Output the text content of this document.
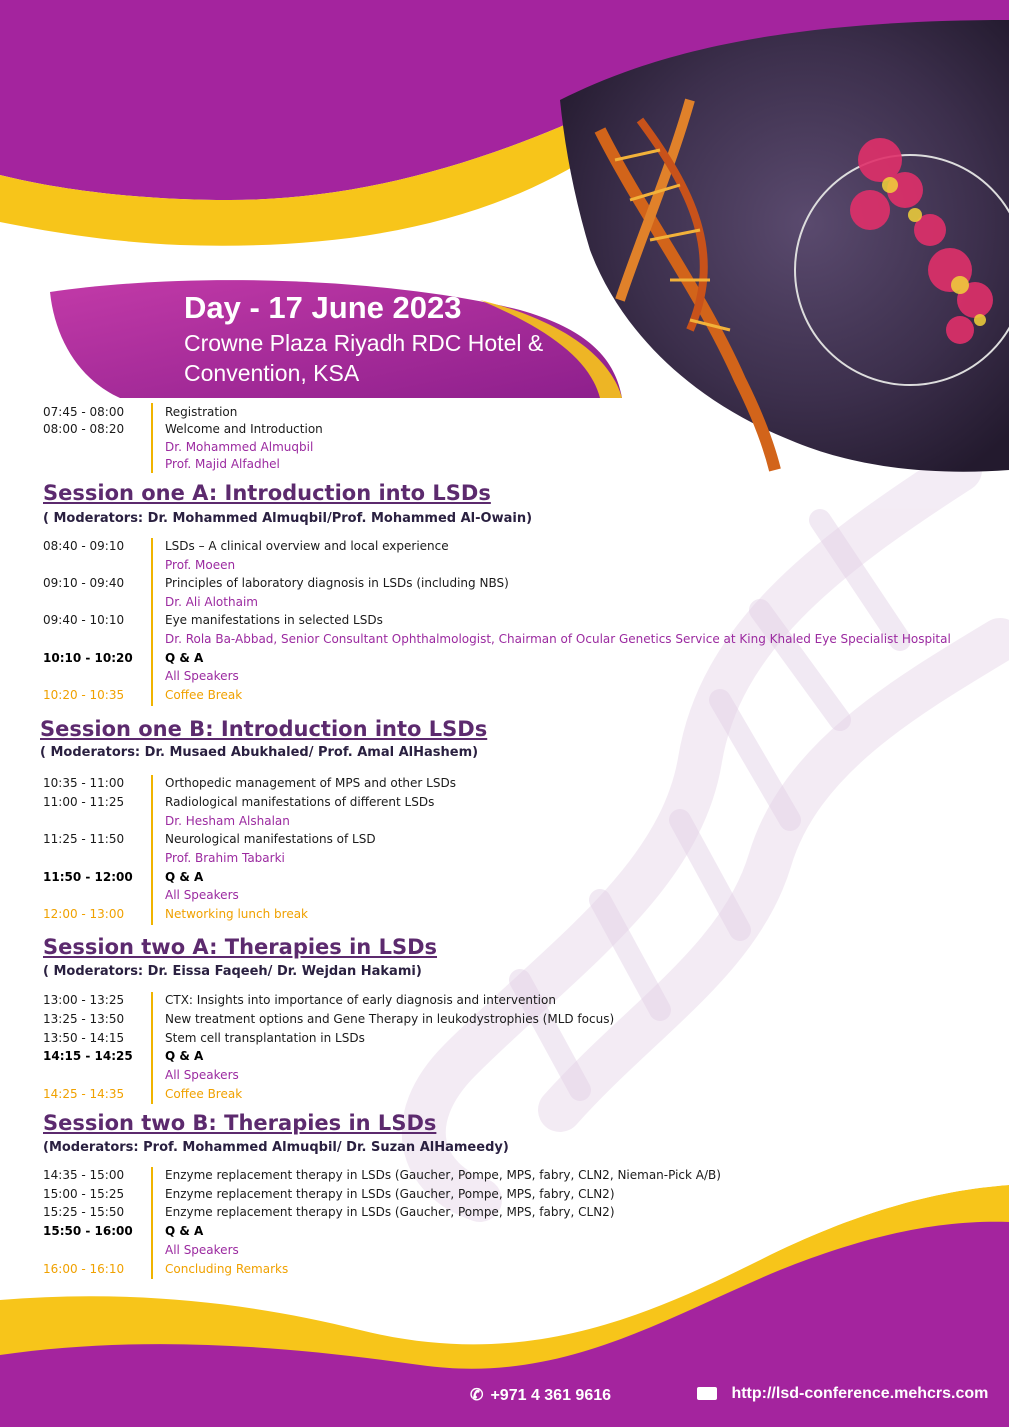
Day - 17 June 2023
Crowne Plaza Riyadh RDC Hotel &
Convention, KSA
07:45 - 08:00	Registration
08:00 - 08:20	Welcome and Introduction
Dr. Mohammed Almuqbil
Prof. Majid Alfadhel
Session one A: Introduction into LSDs
( Moderators: Dr. Mohammed Almuqbil/Prof. Mohammed Al-Owain)
08:40 - 09:10	LSDs – A clinical overview and local experience
Prof. Moeen
09:10 - 09:40	Principles of laboratory diagnosis in LSDs (including NBS)
Dr. Ali Alothaim
09:40 - 10:10	Eye manifestations in selected LSDs
Dr. Rola Ba-Abbad, Senior Consultant Ophthalmologist, Chairman of Ocular Genetics Service at King Khaled Eye Specialist Hospital
10:10 - 10:20	Q & A
All Speakers
10:20 - 10:35	Coffee Break
Session one B: Introduction into LSDs
( Moderators: Dr. Musaed Abukhaled/ Prof. Amal AlHashem)
10:35 - 11:00	Orthopedic management of MPS and other LSDs
11:00 - 11:25	Radiological manifestations of different LSDs
Dr. Hesham Alshalan
11:25 - 11:50	Neurological manifestations of LSD
Prof. Brahim Tabarki
11:50 - 12:00	Q & A
All Speakers
12:00 - 13:00	Networking lunch break
Session two A: Therapies in LSDs
( Moderators: Dr. Eissa Faqeeh/ Dr. Wejdan Hakami)
13:00 - 13:25	CTX: Insights into importance of early diagnosis and intervention
13:25 - 13:50	New treatment options and Gene Therapy in leukodystrophies (MLD focus)
13:50 - 14:15	Stem cell transplantation in LSDs
14:15 - 14:25	Q & A
All Speakers
14:25 - 14:35	Coffee Break
Session two B: Therapies in LSDs
(Moderators: Prof. Mohammed Almuqbil/ Dr. Suzan AlHameedy)
14:35 - 15:00	Enzyme replacement therapy in LSDs (Gaucher, Pompe, MPS, fabry, CLN2, Nieman-Pick A/B)
15:00 - 15:25	Enzyme replacement therapy in LSDs (Gaucher, Pompe, MPS, fabry, CLN2)
15:25 - 15:50	Enzyme replacement therapy in LSDs (Gaucher, Pompe, MPS, fabry, CLN2)
15:50 - 16:00	Q & A
All Speakers
16:00 - 16:10	Concluding Remarks
✆ +971 4 361 9616	http://lsd-conference.mehcrs.com
